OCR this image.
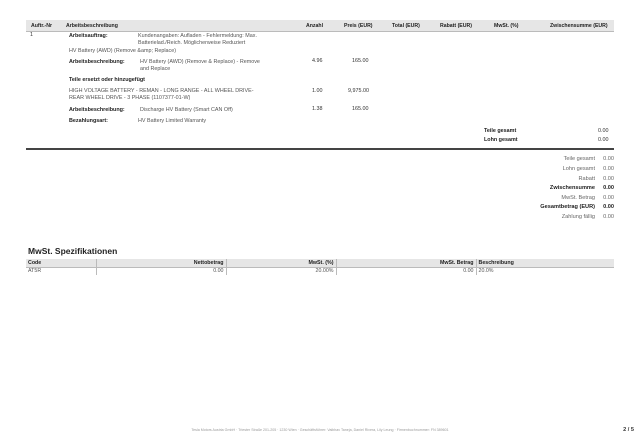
Auftr.-Nr	Arbeitsbeschreibung	Anzahl	Preis (EUR)	Total (EUR)	Rabatt (EUR)	MwSt. (%)	Zwischensumme (EUR)
1	Arbeitsauftrag:	Kundenangaben: Aufladen - Fehlermeldung: Max.
Batterielad./Reich. Möglicherweise Reduziert
HV Battery (AWD) (Remove &amp; Replace)
Arbeitsbeschreibung:	HV Battery (AWD) (Remove & Replace) - Remove
and Replace
4.96	165.00
Teile ersetzt oder hinzugefügt
HIGH VOLTAGE BATTERY - REMAN - LONG RANGE - ALL WHEEL DRIVE-
REAR WHEEL DRIVE - 3 PHASE (1107377-01-W)
1.00	9,975.00
Arbeitsbeschreibung:	Discharge HV Battery (Smart CAN Off)	1.38	165.00
Bezahlungsart:	HV Battery Limited Warranty
Teile gesamt	0.00
Lohn gesamt	0.00
Teile gesamt	0.00
Lohn gesamt	0.00
Rabatt	0.00
Zwischensumme	0.00
MwSt. Betrag	0.00
Gesamtbetrag (EUR)	0.00
Zahlung fällig	0.00
MwSt. Spezifikationen
Code	Nettobetrag	MwSt. (%)	MwSt. Betrag	Beschreibung
AT5R	0.00	20.00%	0.00	20.0%
Tesla Motors Austria GmbH · Triester Straße 201-205 · 1230 Wien · Geschäftsführer: Vaibhav Taneja, Daniel Rivera, Lily Leung · Firmenbuchnummer: FN 389601	2 / 5
